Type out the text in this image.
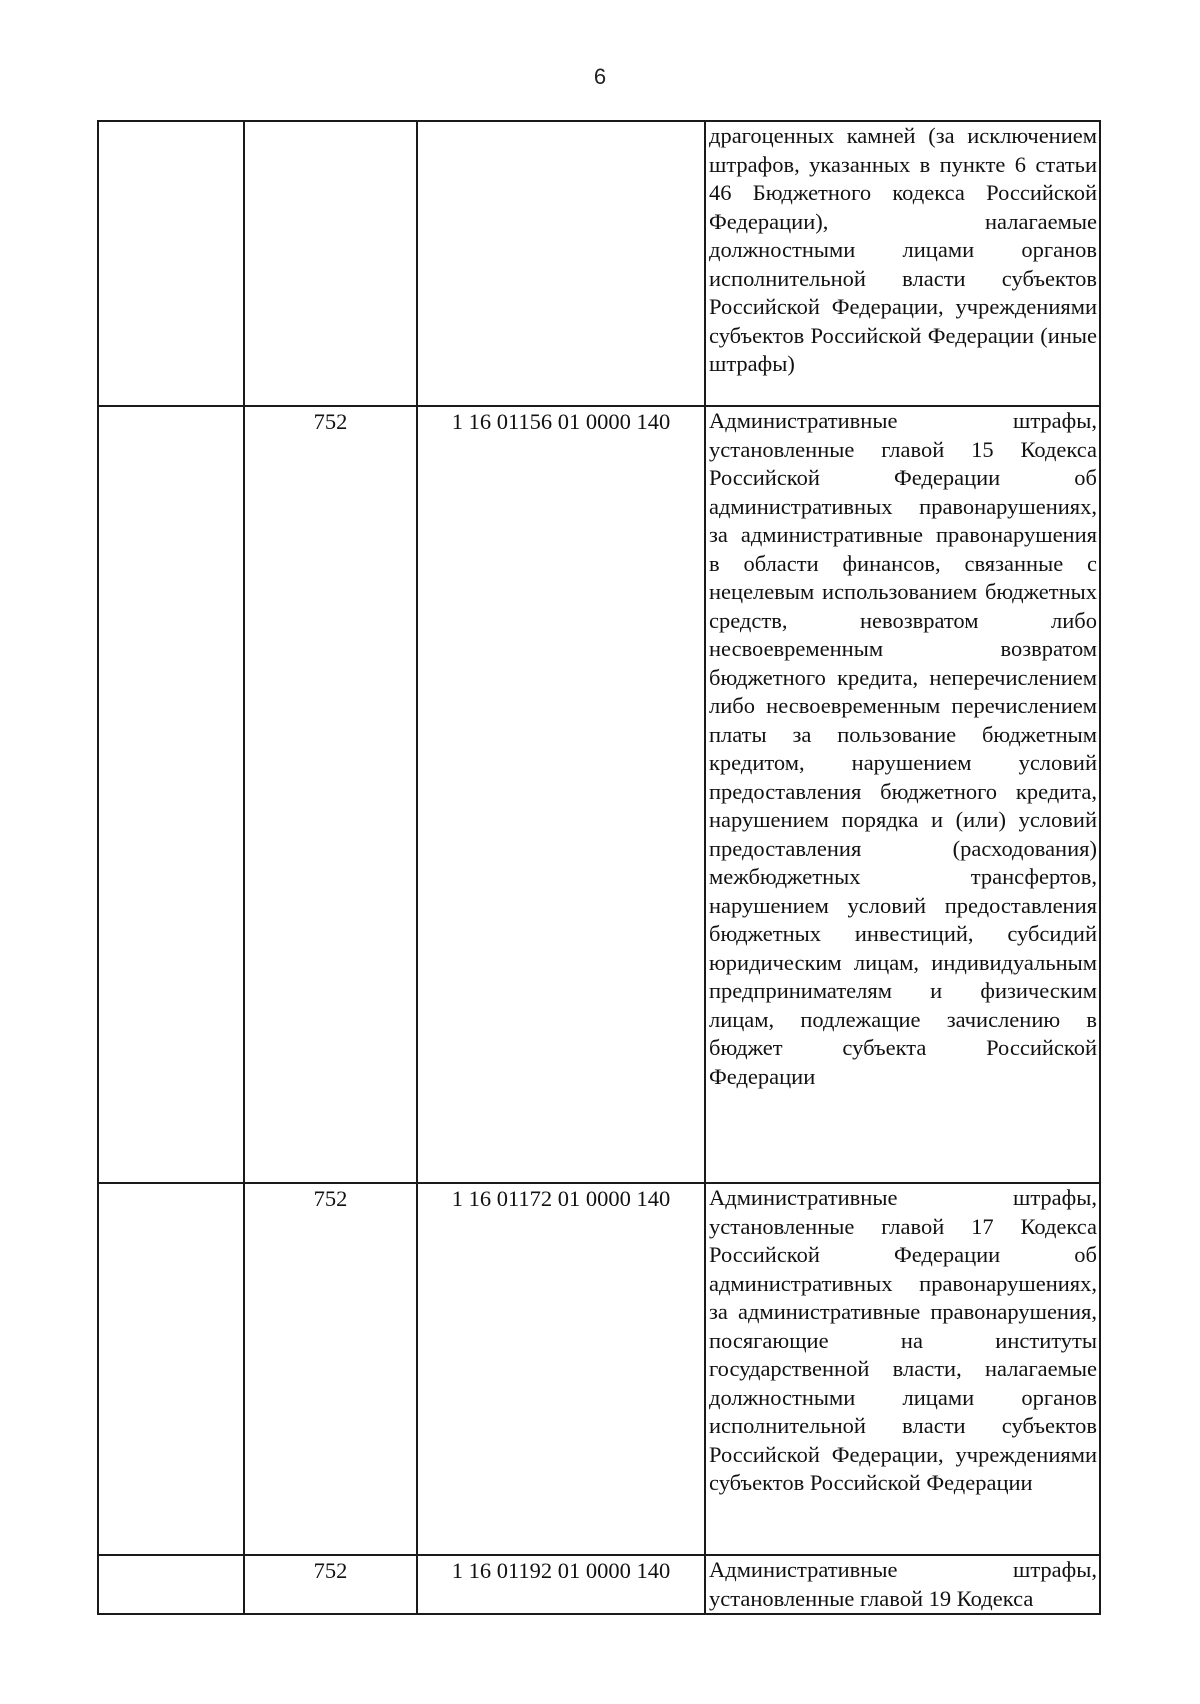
6

			драгоценных камней (за исключением штрафов, указанных в пункте 6 статьи 46 Бюджетного кодекса Российской Федерации), налагаемые должностными лицами органов исполнительной власти субъектов Российской Федерации, учреждениями субъектов Российской Федерации (иные штрафы)

	752	1 16 01156 01 0000 140	Административные штрафы, установленные главой 15 Кодекса Российской Федерации об административных правонарушениях, за административные правонарушения в области финансов, связанные с нецелевым использованием бюджетных средств, невозвратом либо несвоевременным возвратом бюджетного кредита, неперечислением либо несвоевременным перечислением платы за пользование бюджетным кредитом, нарушением условий предоставления бюджетного кредита, нарушением порядка и (или) условий предоставления (расходования) межбюджетных трансфертов, нарушением условий предоставления бюджетных инвестиций, субсидий юридическим лицам, индивидуальным предпринимателям и физическим лицам, подлежащие зачислению в бюджет субъекта Российской Федерации

	752	1 16 01172 01 0000 140	Административные штрафы, установленные главой 17 Кодекса Российской Федерации об административных правонарушениях, за административные правонарушения, посягающие на институты государственной власти, налагаемые должностными лицами органов исполнительной власти субъектов Российской Федерации, учреждениями субъектов Российской Федерации

	752	1 16 01192 01 0000 140	Административные штрафы, установленные главой 19 Кодекса
